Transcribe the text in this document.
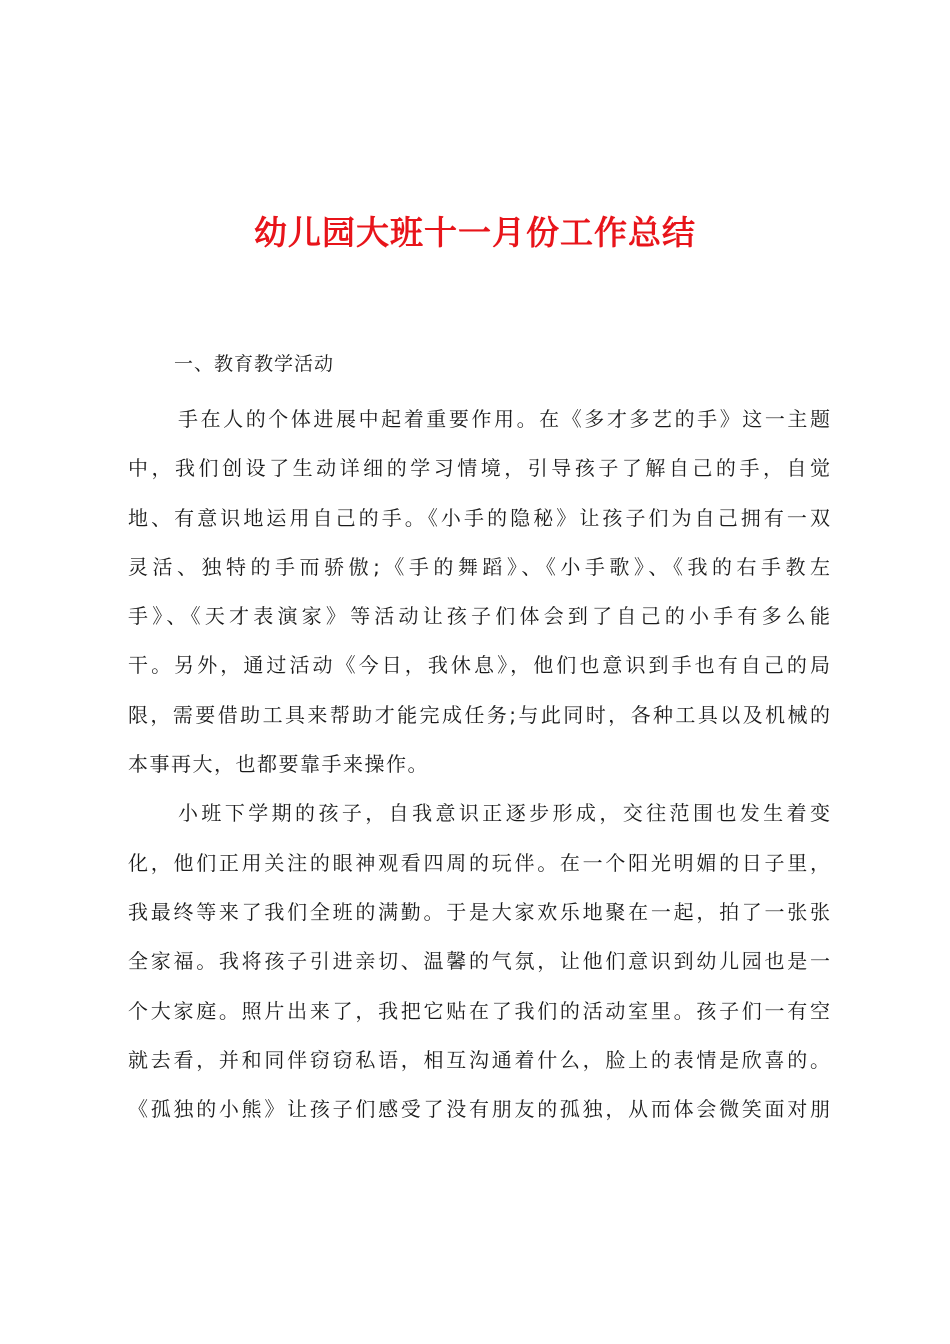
幼儿园大班十一月份工作总结

一、教育教学活动

手在人的个体进展中起着重要作用。在《多才多艺的手》这一主题
中，我们创设了生动详细的学习情境，引导孩子了解自己的手，自觉
地、有意识地运用自己的手。《小手的隐秘》让孩子们为自己拥有一双
灵活、独特的手而骄傲;《手的舞蹈》、《小手歌》、《我的右手教左
手》、《天才表演家》等活动让孩子们体会到了自己的小手有多么能
干。另外，通过活动《今日，我休息》，他们也意识到手也有自己的局
限，需要借助工具来帮助才能完成任务;与此同时，各种工具以及机械的
本事再大，也都要靠手来操作。

小班下学期的孩子，自我意识正逐步形成，交往范围也发生着变
化，他们正用关注的眼神观看四周的玩伴。在一个阳光明媚的日子里，
我最终等来了我们全班的满勤。于是大家欢乐地聚在一起，拍了一张张
全家福。我将孩子引进亲切、温馨的气氛，让他们意识到幼儿园也是一
个大家庭。照片出来了，我把它贴在了我们的活动室里。孩子们一有空
就去看，并和同伴窃窃私语，相互沟通着什么，脸上的表情是欣喜的。
《孤独的小熊》让孩子们感受了没有朋友的孤独，从而体会微笑面对朋
